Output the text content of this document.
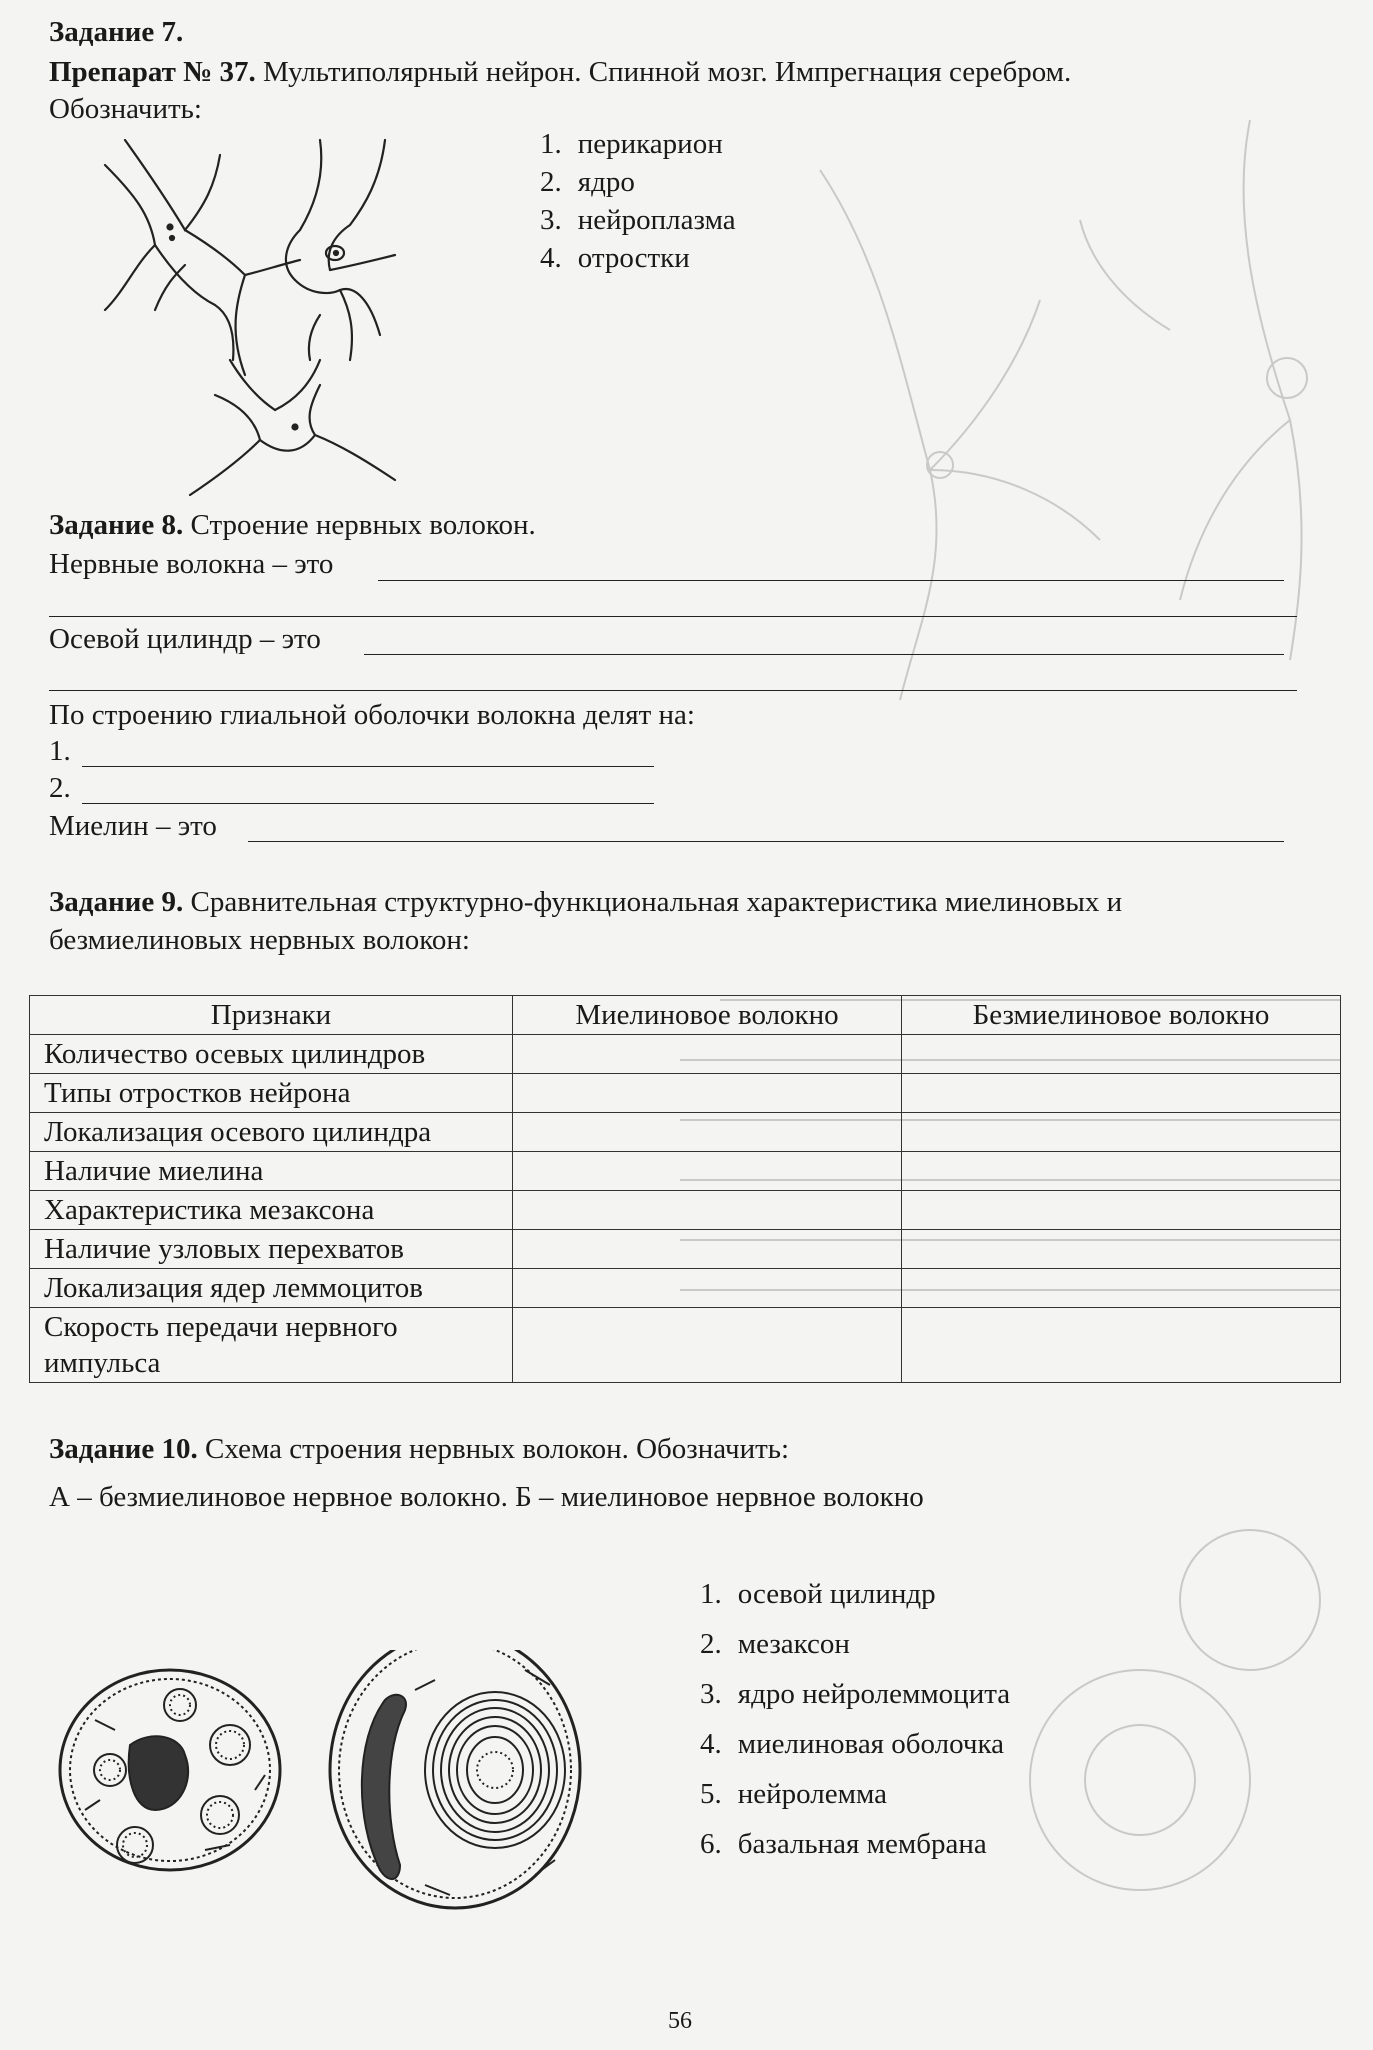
Задание 7.
Препарат № 37. Мультиполярный нейрон. Спинной мозг. Импрегнация серебром.
Обозначить:
1. перикарион
2. ядро
3. нейроплазма
4. отростки
Задание 8. Строение нервных волокон.
Нервные волокна – это
Осевой цилиндр – это
По строению глиальной оболочки волокна делят на:
1.
2.
Миелин – это
Задание 9. Сравнительная структурно-функциональная характеристика миелиновых и
безмиелиновых нервных волокон:
Признаки	Миелиновое волокно	Безмиелиновое волокно
Количество осевых цилиндров		
Типы отростков нейрона		
Локализация осевого цилиндра		
Наличие миелина		
Характеристика мезаксона		
Наличие узловых перехватов		
Локализация ядер леммоцитов		
Скорость передачи нервного импульса		
Задание 10. Схема строения нервных волокон. Обозначить:
А – безмиелиновое нервное волокно. Б – миелиновое нервное волокно
1. осевой цилиндр
2. мезаксон
3. ядро нейролеммоцита
4. миелиновая оболочка
5. нейролемма
6. базальная мембрана
56
